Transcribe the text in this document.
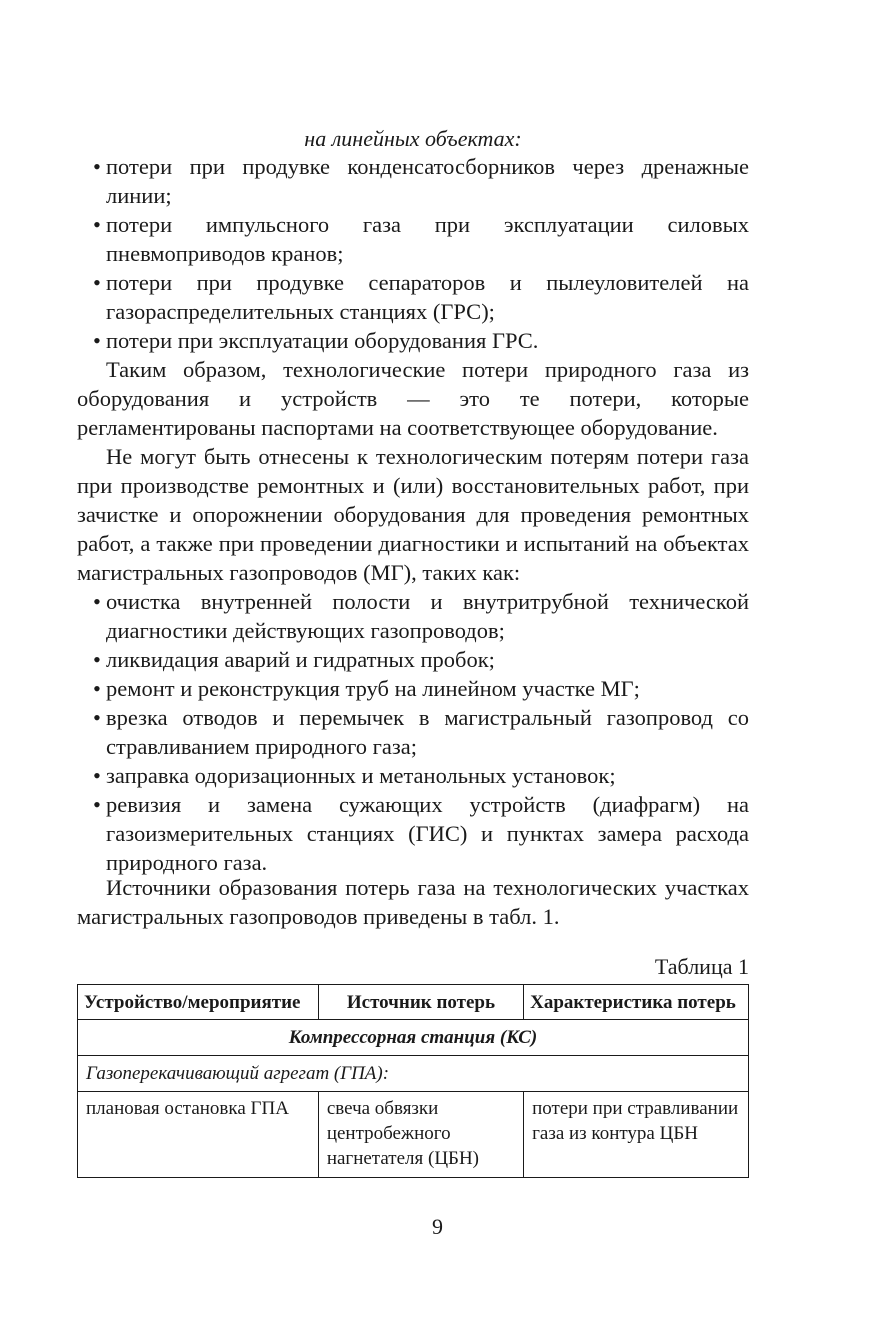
на линейных объектах:
• потери при продувке конденсатосборников через дренажные линии;
• потери импульсного газа при эксплуатации силовых пневмоприводов кранов;
• потери при продувке сепараторов и пылеуловителей на газораспределительных станциях (ГРС);
• потери при эксплуатации оборудования ГРС.
Таким образом, технологические потери природного газа из оборудования и устройств — это те потери, которые регламентированы паспортами на соответствующее оборудование.
Не могут быть отнесены к технологическим потерям потери газа при производстве ремонтных и (или) восстановительных работ, при зачистке и опорожнении оборудования для проведения ремонтных работ, а также при проведении диагностики и испытаний на объектах магистральных газопроводов (МГ), таких как:
• очистка внутренней полости и внутритрубной технической диагностики действующих газопроводов;
• ликвидация аварий и гидратных пробок;
• ремонт и реконструкция труб на линейном участке МГ;
• врезка отводов и перемычек в магистральный газопровод со стравливанием природного газа;
• заправка одоризационных и метанольных установок;
• ревизия и замена сужающих устройств (диафрагм) на газоизмерительных станциях (ГИС) и пунктах замера расхода природного газа.
Источники образования потерь газа на технологических участках магистральных газопроводов приведены в табл. 1.
Таблица 1
Устройство/мероприятие	Источник потерь	Характеристика потерь
Компрессорная станция (КС)		
Газоперекачивающий агрегат (ГПА):		
плановая остановка ГПА	свеча обвязки центробежного нагнетателя (ЦБН)	потери при стравливании газа из контура ЦБН
9
